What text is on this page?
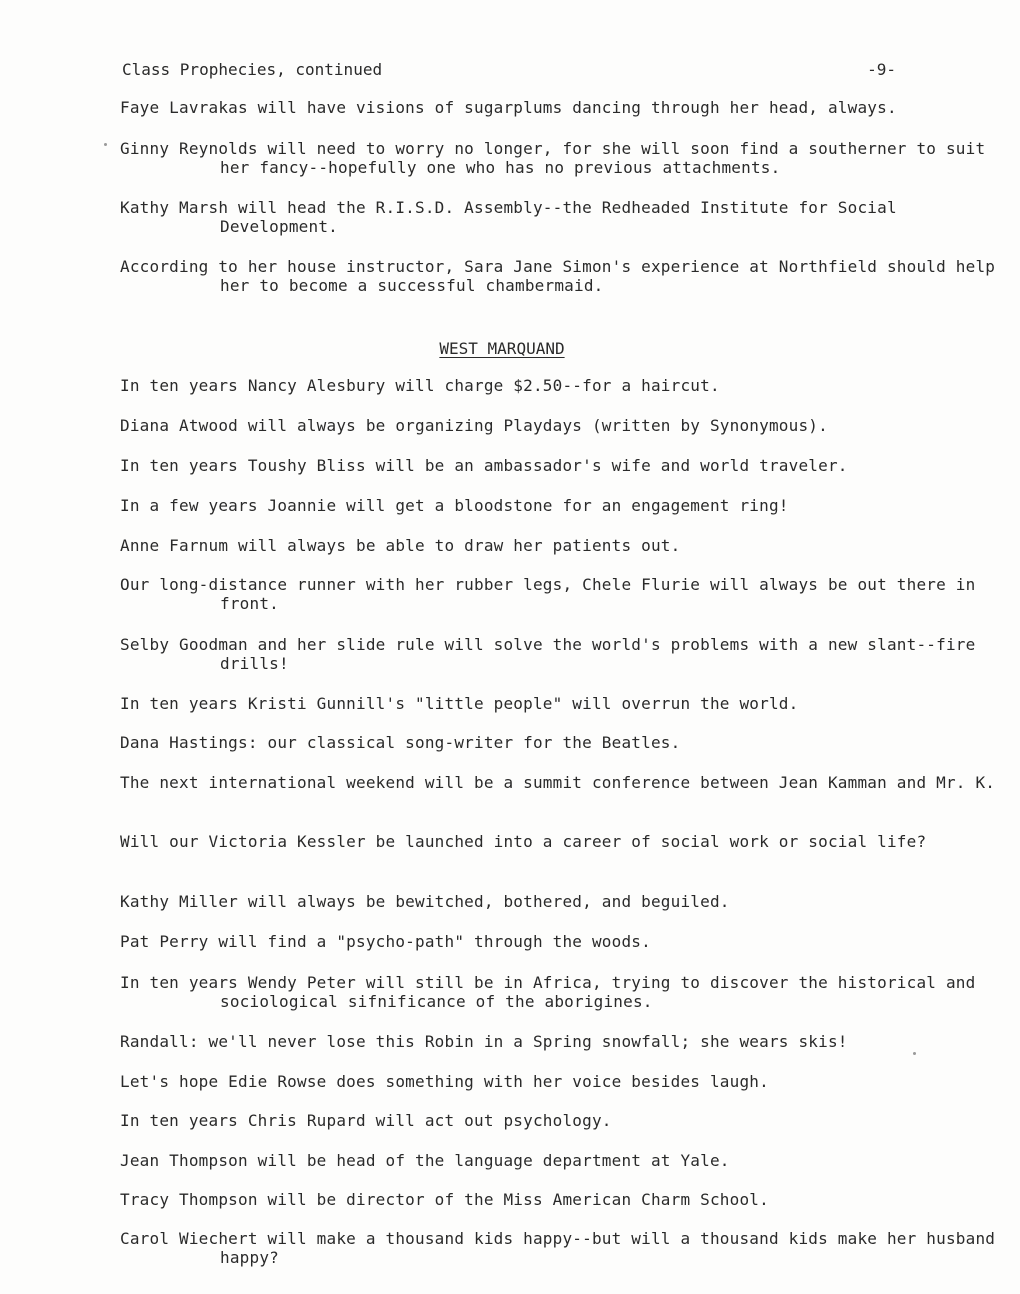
Class Prophecies, continued	-9-

Faye Lavrakas will have visions of sugarplums dancing through her head, always.

Ginny Reynolds will need to worry no longer, for she will soon find a southerner to suit her fancy--hopefully one who has no previous attachments.

Kathy Marsh will head the R.I.S.D. Assembly--the Redheaded Institute for Social Development.

According to her house instructor, Sara Jane Simon's experience at Northfield should help her to become a successful chambermaid.

WEST MARQUAND

In ten years Nancy Alesbury will charge $2.50--for a haircut.

Diana Atwood will always be organizing Playdays (written by Synonymous).

In ten years Toushy Bliss will be an ambassador's wife and world traveler.

In a few years Joannie will get a bloodstone for an engagement ring!

Anne Farnum will always be able to draw her patients out.

Our long-distance runner with her rubber legs, Chele Flurie will always be out there in front.

Selby Goodman and her slide rule will solve the world's problems with a new slant--fire drills!

In ten years Kristi Gunnill's "little people" will overrun the world.

Dana Hastings: our classical song-writer for the Beatles.

The next international weekend will be a summit conference between Jean Kamman and Mr. K.

Will our Victoria Kessler be launched into a career of social work or social life?

Kathy Miller will always be bewitched, bothered, and beguiled.

Pat Perry will find a "psycho-path" through the woods.

In ten years Wendy Peter will still be in Africa, trying to discover the historical and sociological sifnificance of the aborigines.

Randall: we'll never lose this Robin in a Spring snowfall; she wears skis!

Let's hope Edie Rowse does something with her voice besides laugh.

In ten years Chris Rupard will act out psychology.

Jean Thompson will be head of the language department at Yale.

Tracy Thompson will be director of the Miss American Charm School.

Carol Wiechert will make a thousand kids happy--but will a thousand kids make her husband happy?
